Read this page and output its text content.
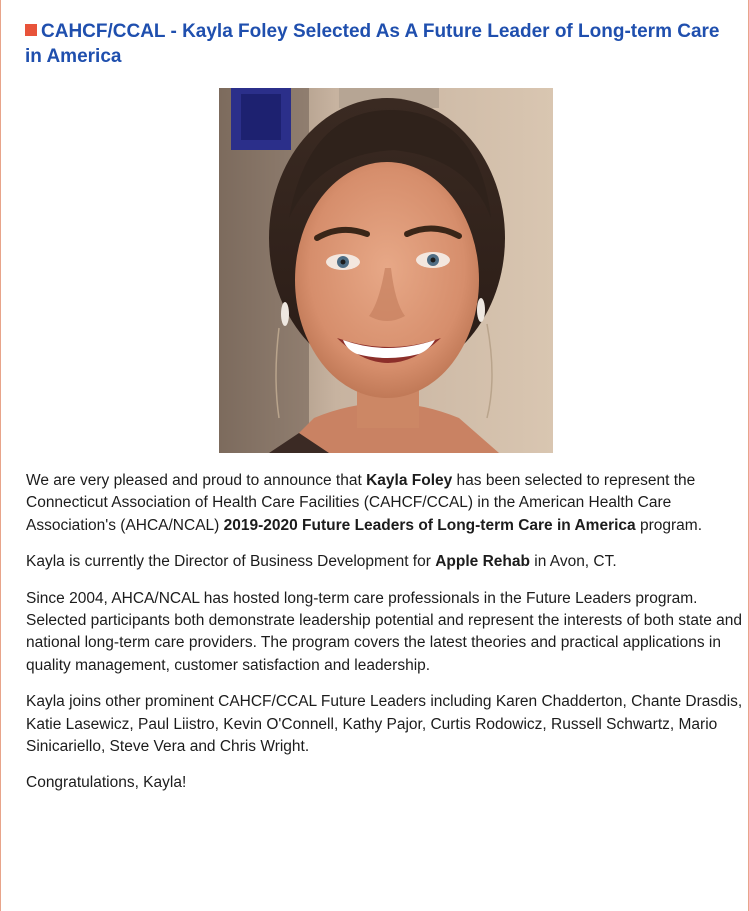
CAHCF/CCAL - Kayla Foley Selected As A Future Leader of Long-term Care in America

We are very pleased and proud to announce that Kayla Foley has been selected to represent the Connecticut Association of Health Care Facilities (CAHCF/CCAL) in the American Health Care Association's (AHCA/NCAL) 2019-2020 Future Leaders of Long-term Care in America program.

Kayla is currently the Director of Business Development for Apple Rehab in Avon, CT.

Since 2004, AHCA/NCAL has hosted long-term care professionals in the Future Leaders program. Selected participants both demonstrate leadership potential and represent the interests of both state and national long-term care providers. The program covers the latest theories and practical applications in quality management, customer satisfaction and leadership.

Kayla joins other prominent CAHCF/CCAL Future Leaders including Karen Chadderton, Chante Drasdis, Katie Lasewicz, Paul Liistro, Kevin O'Connell, Kathy Pajor, Curtis Rodowicz, Russell Schwartz, Mario Sinicariello, Steve Vera and Chris Wright.

Congratulations, Kayla!
